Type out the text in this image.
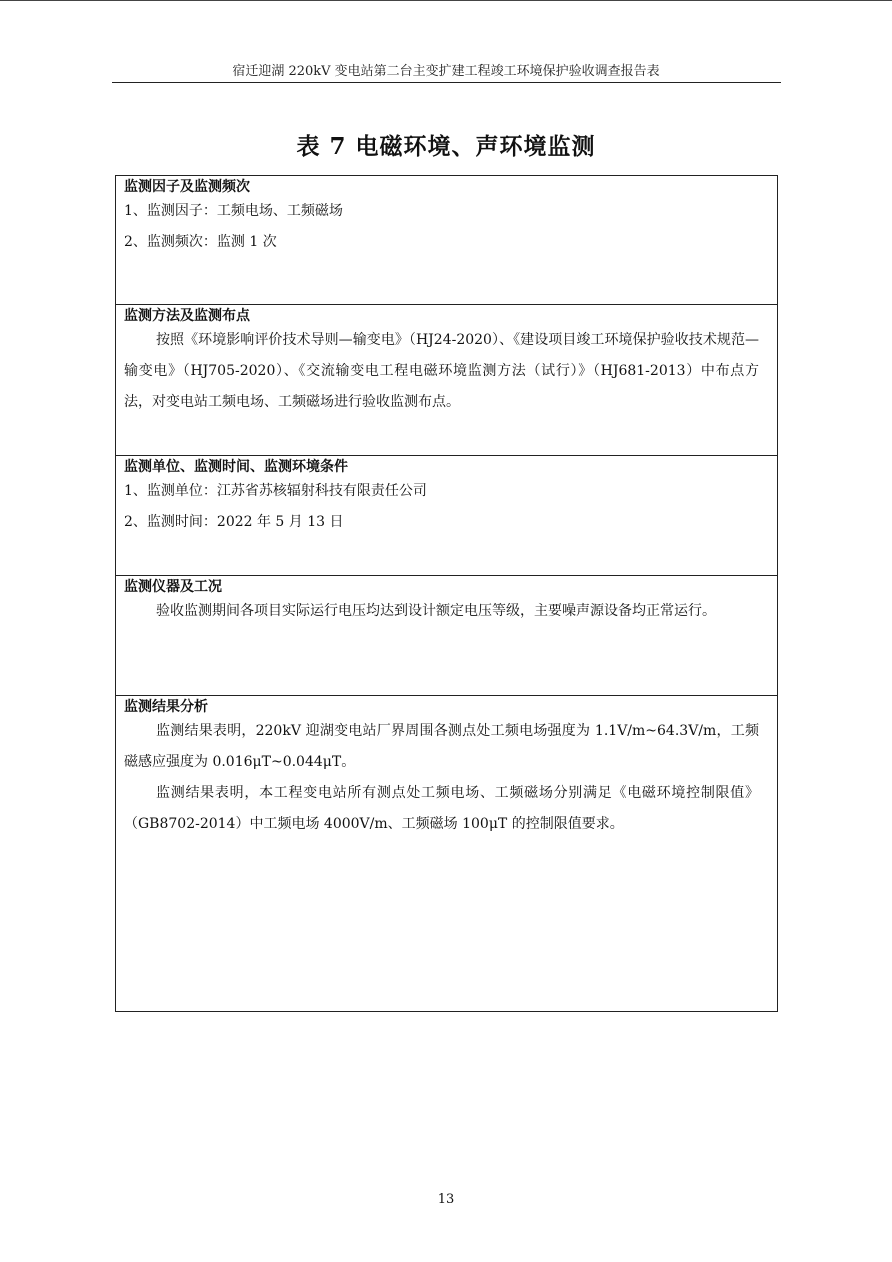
宿迁迎湖 220kV 变电站第二台主变扩建工程竣工环境保护验收调查报告表
表 7 电磁环境、声环境监测
监测因子及监测频次
1、监测因子：工频电场、工频磁场
2、监测频次：监测 1 次
监测方法及监测布点
按照《环境影响评价技术导则—输变电》（HJ24-2020）、《建设项目竣工环境保护验收技术规范—输变电》（HJ705-2020）、《交流输变电工程电磁环境监测方法（试行）》（HJ681-2013）中布点方法，对变电站工频电场、工频磁场进行验收监测布点。
监测单位、监测时间、监测环境条件
1、监测单位：江苏省苏核辐射科技有限责任公司
2、监测时间：2022 年 5 月 13 日
监测仪器及工况
验收监测期间各项目实际运行电压均达到设计额定电压等级，主要噪声源设备均正常运行。
监测结果分析
监测结果表明，220kV 迎湖变电站厂界周围各测点处工频电场强度为 1.1V/m~64.3V/m，工频磁感应强度为 0.016μT~0.044μT。
监测结果表明，本工程变电站所有测点处工频电场、工频磁场分别满足《电磁环境控制限值》（GB8702-2014）中工频电场 4000V/m、工频磁场 100μT 的控制限值要求。
13
